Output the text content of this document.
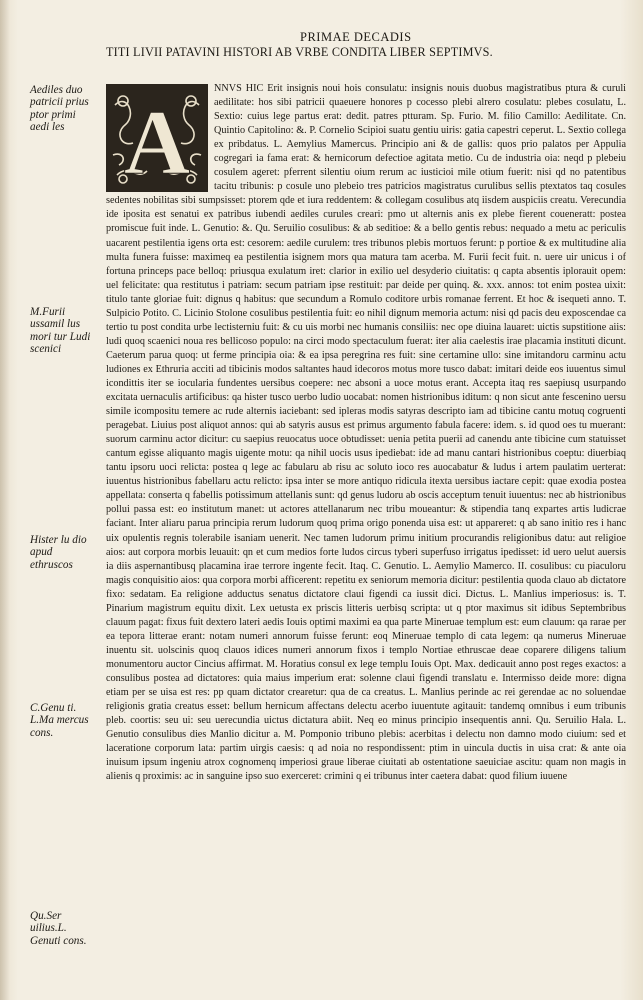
PRIMAE DECADIS
TITI LIVII PATAVINI HISTORI AB VRBE CONDITA LIBER SEPTIMVS.
Aediles duo patricii prius ptor primi aedi les
M.Furii ussamil lus mori tur Ludi scenici
Hister lu dio apud ethruscos
C.Genu ti. L.Ma mercus cons.
Qu.Ser uilius.L. Genuti cons.
A

NNVS HIC Erit insignis noui hois consulatu: insignis nouis duobus magistratibus ptura & curuli aedilitate: hos sibi patricii quaeuere honores p cocesso plebi alrero cosulatu: plebes cosulatu, L. Sextio: cuius lege partus erat: dedit. patres ptturam. Sp. Furio. M. filio Camillo: Aedilitate. Cn. Quintio Capitolino: &. P. Cornelio Scipioi suatu gentiu uiris: gatia capestri ceperut. L. Sextio collega ex pribdatus. L. Aemylius Mamercus. Principio ani & de gallis: quos prio palatos per Appulia cogregari ia fama erat: & hernicorum defectioe agitata metio. Cu de industria oia: neqd p plebeiu cosulem ageret: pferrent silentiu oium rerum ac iusticioi mile otium fuerit: nisi qd no patentibus tacitu tribunis: p cosule uno plebeio tres patricios magistratus curulibus sellis ptextatos taq cosules sedentes nobilitas sibi sumpsisset: ptorem qde et iura reddentem: & collegam cosulibus atq iisdem auspiciis creatu. Verecundia ide iposita est senatui ex patribus iubendi aediles curules creari: pmo ut alternis anis ex plebe fierent coueneratt: postea promiscue fuit inde. L. Genutio: &. Qu. Seruilio cosulibus: & ab seditioe: & a bello gentis rebus: nequado a metu ac periculis uacarent pestilentia igens orta est: cesorem: aedile curulem: tres tribunos plebis mortuos ferunt: p portioe & ex multitudine alia multa funera fuisse: maximeq ea pestilentia isignem mors qua matura tam acerba. M. Furii fecit fuit. n. uere uir unicus i of fortuna princeps pace belloq: priusqua exulatum iret: clarior in exilio uel desyderio ciuitatis: q capta absentis iplorauit opem: uel felicitate: qua restitutus i patriam: secum patriam ipse restituit: par deide per quinq. &. xxx. annos: tot enim postea uixit: titulo tante gloriae fuit: dignus q habitus: que secundum a Romulo coditore urbis romanae ferrent. Et hoc & isequeti anno. T. Sulpicio Potito. C. Licinio Stolone cosulibus pestilentia fuit: eo nihil dignum memoria actum: nisi qd pacis deu exposcendae ca tertio tu post condita urbe lectisterniu fuit: & cu uis morbi nec humanis consiliis: nec ope diuina lauaret: uictis supstitione aiis: ludi quoq scaenici noua res bellicoso populo: na circi modo spectaculum fuerat: iter alia caelestis irae placamia instituti dicunt. Caeterum parua quoq: ut ferme principia oia: & ea ipsa peregrina res fuit: sine certamine ullo: sine imitandoru carminu actu ludiones ex Ethruria acciti ad tibicinis modos saltantes haud idecoros motus more tusco dabat: imitari deide eos iuuentus simul icondittis iter se iocularia fundentes uersibus coepere: nec absoni a uoce motus erant. Accepta itaq res saepiusq usurpando excitata uernaculis artificibus: qa hister tusco uerbo ludio uocabat: nomen histrionibus iditum: q non sicut ante fescenino uersu simile icompositu temere ac rude alternis iaciebant: sed ipleras modis satyras descripto iam ad tibicine cantu motuq cogruenti peragebat. Liuius post aliquot annos: qui ab satyris ausus est primus argumento fabula facere: idem. s. id quod oes tu muerant: suorum carminu actor dicitur: cu saepius reuocatus uoce obtudisset: uenia petita puerii ad canendu ante tibicine cum statuisset cantum egisse aliquanto magis uigente motu: qa nihil uocis usus ipediebat: ide ad manu cantari histrionibus coeptu: diuerbiaq tantu ipsoru uoci relicta: postea q lege ac fabularu ab risu ac soluto ioco res auocabatur & ludus i artem paulatim uerterat: iuuentus histrionibus fabellaru actu relicto: ipsa inter se more antiquo ridicula itexta uersibus iactare cepit: quae exodia postea appellata: conserta q fabellis potissimum attellanis sunt: qd genus ludoru ab oscis acceptum tenuit iuuentus: nec ab histrionibus pollui passa est: eo institutum manet: ut actores attellanarum nec tribu moueantur: & stipendia tanq expartes artis ludicrae faciant. Inter aliaru parua principia rerum ludorum quoq prima origo ponenda uisa est: ut appareret: q ab sano initio res i hanc uix opulentis regnis tolerabile isaniam uenerit. Nec tamen ludorum primu initium procurandis religionibus datu: aut religioe aios: aut corpora morbis leuauit: qn et cum medios forte ludos circus tyberi superfuso irrigatus ipedisset: id uero uelut auersis ia diis aspernantibusq placamina irae terrore ingente fecit. Itaq. C. Genutio. L. Aemylio Mamerco. II. cosulibus: cu piaculoru magis conquisitio aios: qua corpora morbi afficerent: repetitu ex seniorum memoria dicitur: pestilentia quoda clauo ab dictatore fixo: sedatam. Ea religione adductus senatus dictatore claui figendi ca iussit dici. Dictus. L. Manlius imperiosus: is. T. Pinarium magistrum equitu dixit. Lex uetusta ex priscis litteris uerbisq scripta: ut q ptor maximus sit idibus Septembribus clauum pagat: fixus fuit dextero lateri aedis Iouis optimi maximi ea qua parte Mineruae templum est: eum clauum: qa rarae per ea tepora litterae erant: notam numeri annorum fuisse ferunt: eoq Mineruae templo di cata legem: qa numerus Mineruae inuentu sit. uolscinis quoq clauos idices numeri annorum fixos i templo Nortiae ethruscae deae coparere diligens talium monumentoru auctor Cincius affirmat. M. Horatius consul ex lege templu Iouis Opt. Max. dedicauit anno post reges exactos: a consulibus postea ad dictatores: quia maius imperium erat: solenne claui figendi translatu e. Intermisso deide more: digna etiam per se uisa est res: pp quam dictator crearetur: qua de ca creatus. L. Manlius perinde ac rei gerendae ac no soluendae religionis gratia creatus esset: bellum hernicum affectans delectu acerbo iuuentute agitauit: tandemq omnibus i eum tribunis pleb. coortis: seu ui: seu uerecundia uictus dictatura abiit. Neq eo minus principio insequentis anni. Qu. Seruilio Hala. L. Genutio consulibus dies Manlio dicitur a. M. Pomponio tribuno plebis: acerbitas i delectu non damno modo ciuium: sed et laceratione corporum lata: partim uirgis caesis: q ad noia no respondissent: ptim in uincula ductis in uisa crat: & ante oia inuisum ipsum ingeniu atrox cognomenq imperiosi graue liberae ciuitati ab ostentatione saeuiciae ascitu: quam non magis in alienis q proximis: ac in sanguine ipso suo exerceret: crimini q ei tribunus inter caetera dabat: quod filium iuuene
